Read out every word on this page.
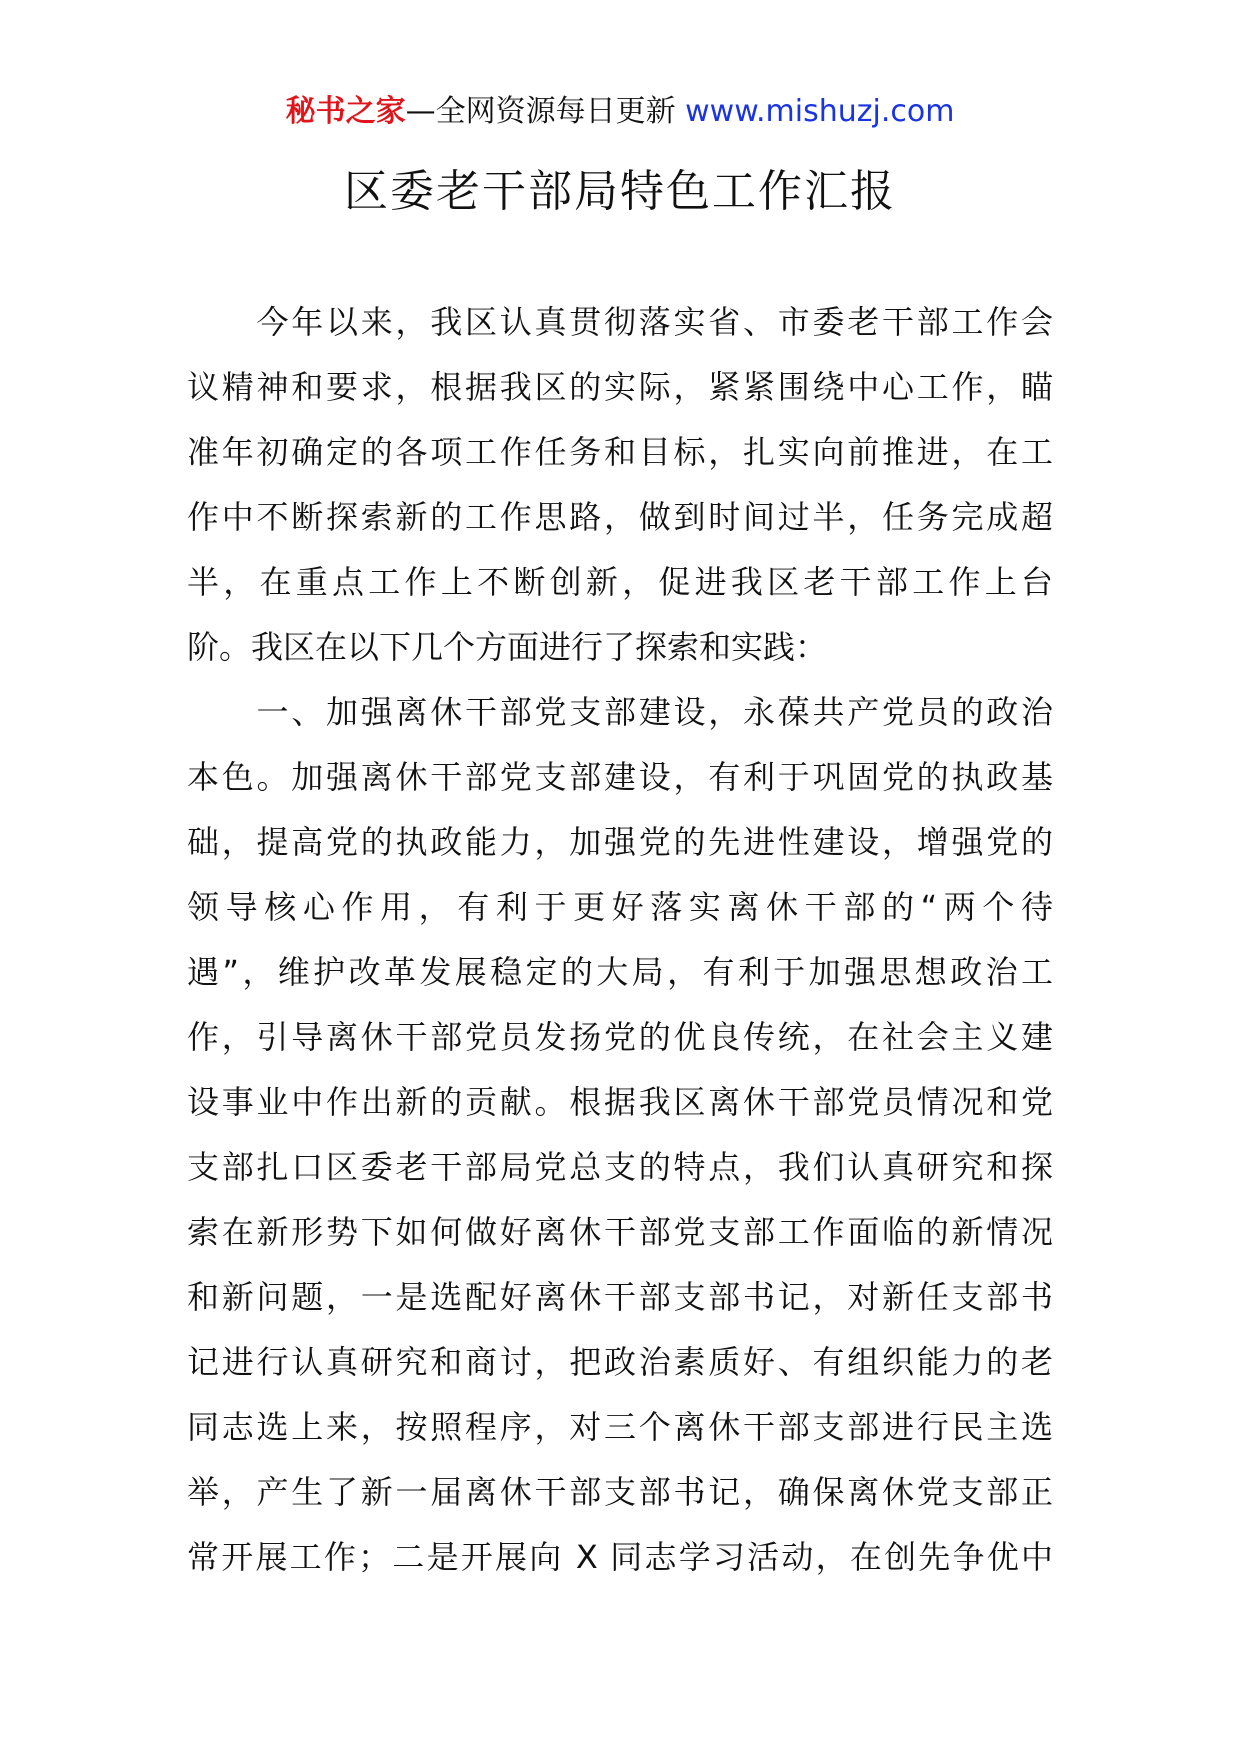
秘书之家—全网资源每日更新 www.mishuzj.com
区委老干部局特色工作汇报
　　今年以来，我区认真贯彻落实省、市委老干部工作会
议精神和要求，根据我区的实际，紧紧围绕中心工作，瞄
准年初确定的各项工作任务和目标，扎实向前推进，在工
作中不断探索新的工作思路，做到时间过半，任务完成超
半，在重点工作上不断创新，促进我区老干部工作上台
阶。我区在以下几个方面进行了探索和实践：
　　一、加强离休干部党支部建设，永葆共产党员的政治
本色。加强离休干部党支部建设，有利于巩固党的执政基
础，提高党的执政能力，加强党的先进性建设，增强党的
领导核心作用，有利于更好落实离休干部的“两个待
遇”，维护改革发展稳定的大局，有利于加强思想政治工
作，引导离休干部党员发扬党的优良传统，在社会主义建
设事业中作出新的贡献。根据我区离休干部党员情况和党
支部扎口区委老干部局党总支的特点，我们认真研究和探
索在新形势下如何做好离休干部党支部工作面临的新情况
和新问题，一是选配好离休干部支部书记，对新任支部书
记进行认真研究和商讨，把政治素质好、有组织能力的老
同志选上来，按照程序，对三个离休干部支部进行民主选
举，产生了新一届离休干部支部书记，确保离休党支部正
常开展工作；二是开展向 X 同志学习活动，在创先争优中
